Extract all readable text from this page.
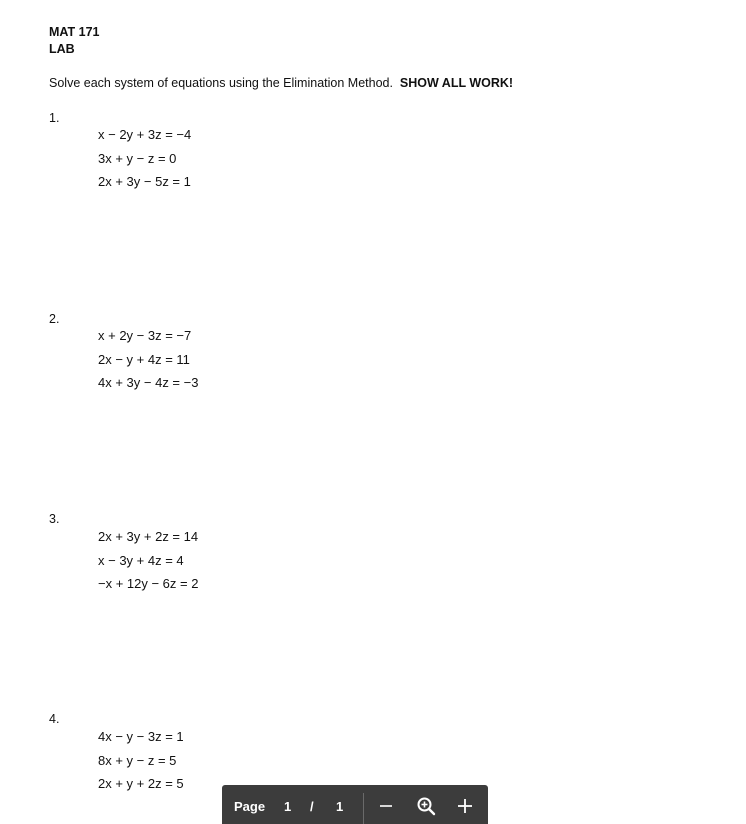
MAT 171
LAB
Solve each system of equations using the Elimination Method. SHOW ALL WORK!
1.
x − 2y + 3z = −4
3x + y − z = 0
2x + 3y − 5z = 1
2.
x + 2y − 3z = −7
2x − y + 4z = 11
4x + 3y − 4z = −3
3.
2x + 3y + 2z = 14
x − 3y + 4z = 4
−x + 12y − 6z = 2
4.
4x − y − 3z = 1
8x + y − z = 5
2x + y + 2z = 5
Page 1 / 1
